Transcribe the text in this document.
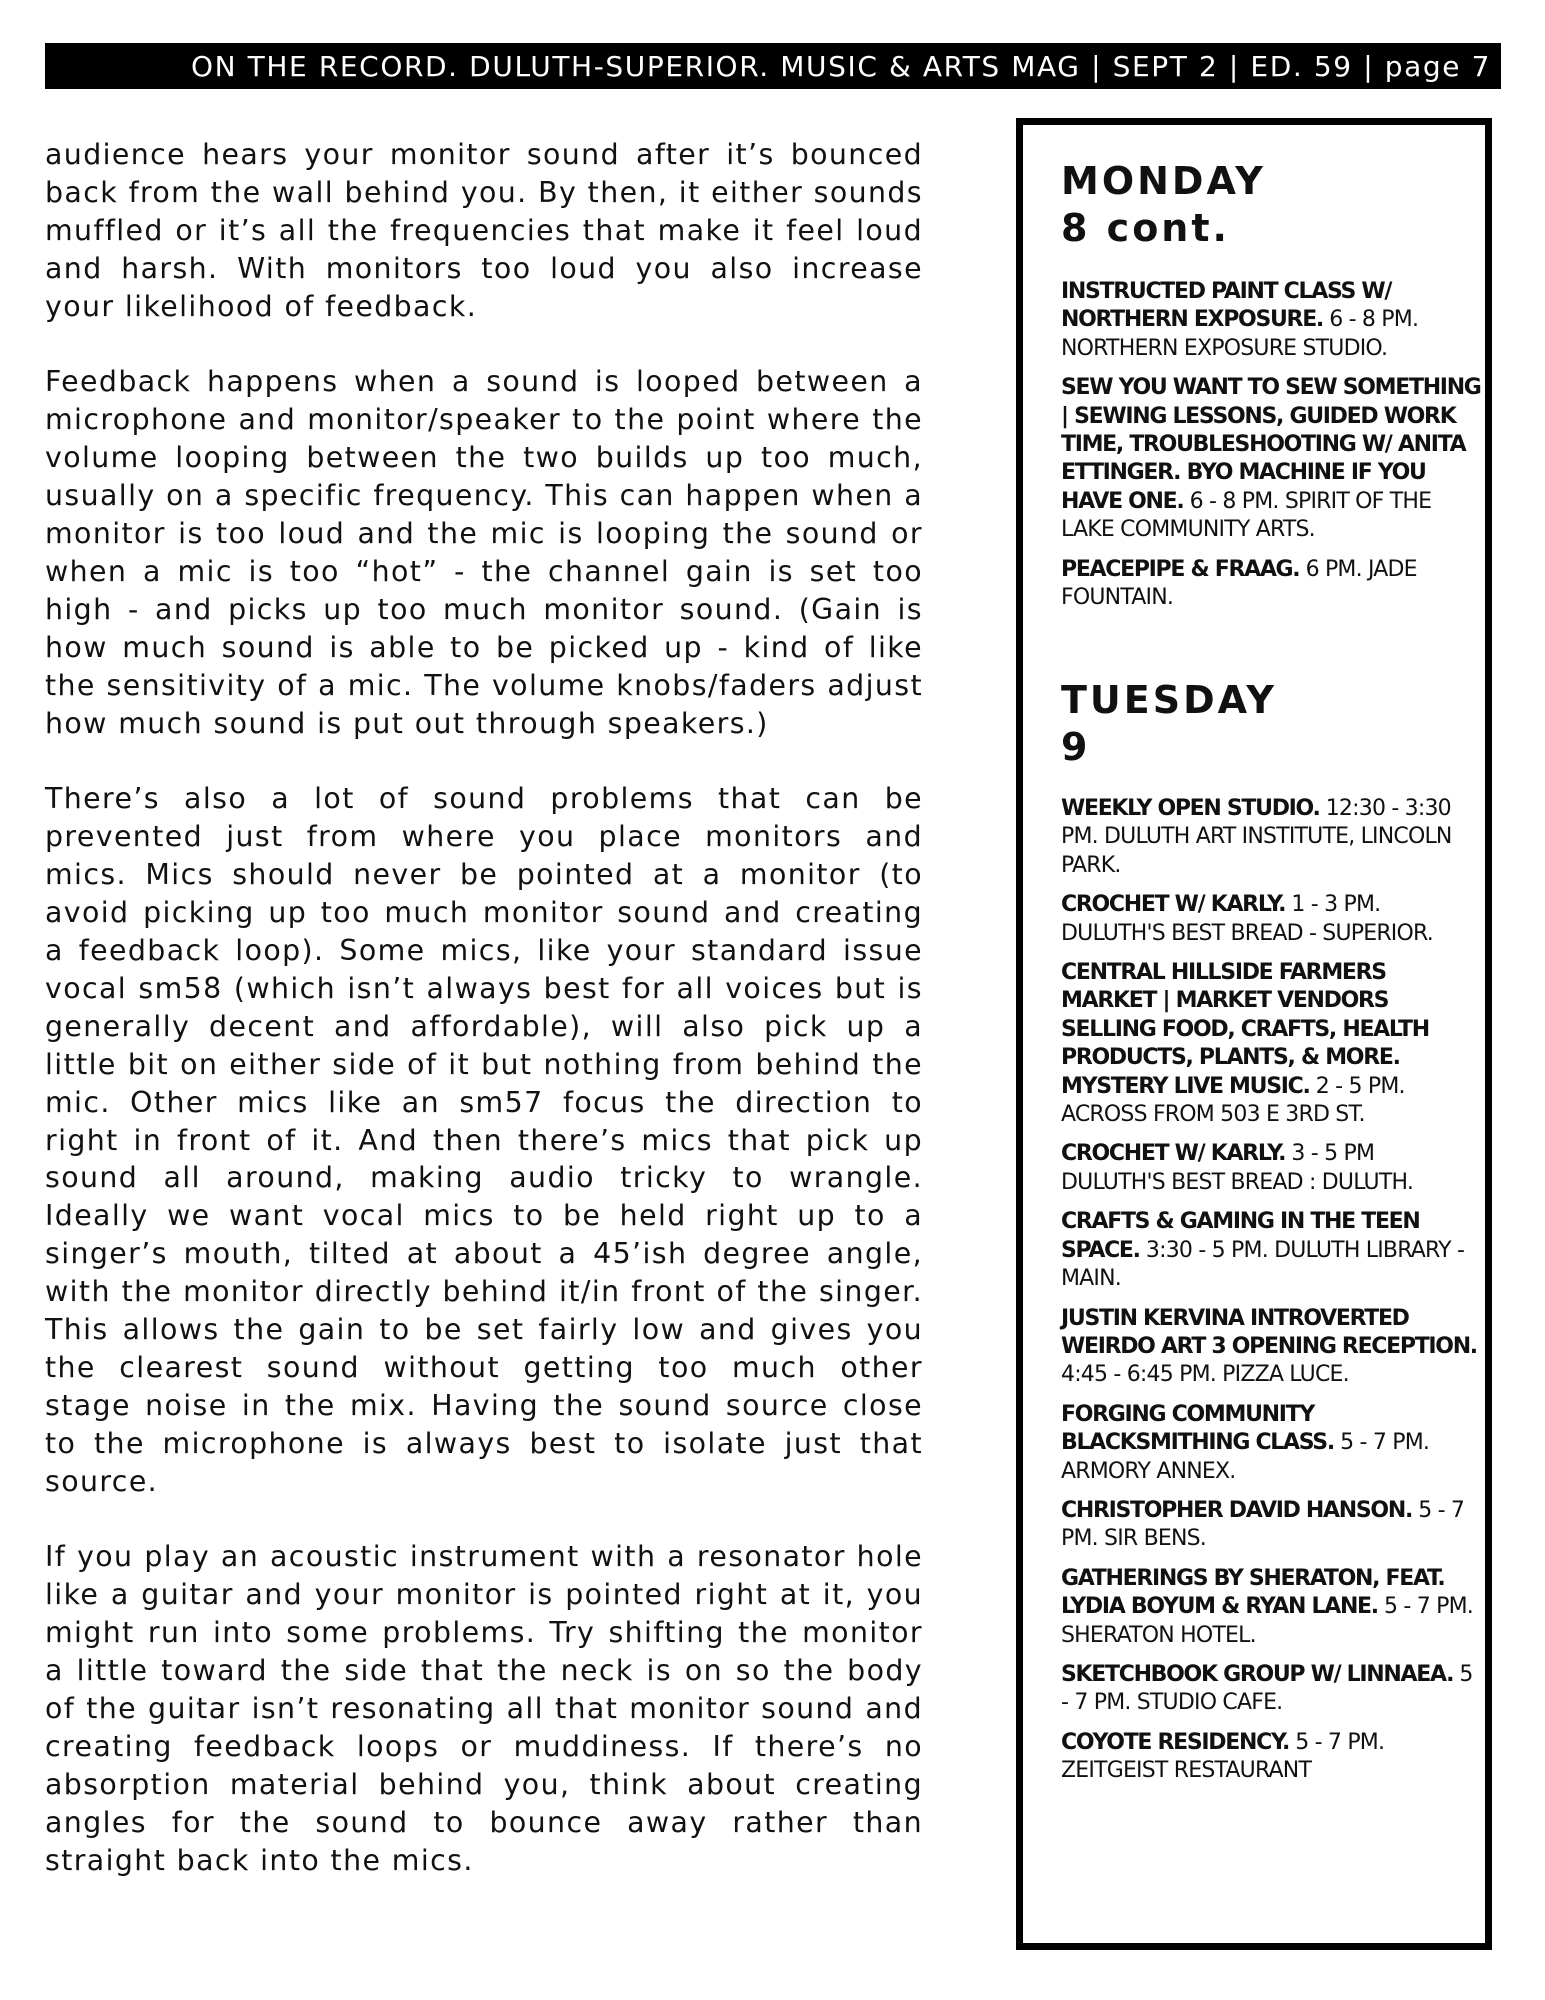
ON THE RECORD. DULUTH-SUPERIOR. MUSIC & ARTS MAG | SEPT 2 | ED. 59 | page 7

audience hears your monitor sound after it’s bounced back from the wall behind you. By then, it either sounds muffled or it’s all the frequencies that make it feel loud and harsh. With monitors too loud you also increase your likelihood of feedback.

Feedback happens when a sound is looped between a microphone and monitor/speaker to the point where the volume looping between the two builds up too much, usually on a specific frequency. This can happen when a monitor is too loud and the mic is looping the sound or when a mic is too “hot” - the channel gain is set too high - and picks up too much monitor sound. (Gain is how much sound is able to be picked up - kind of like the sensitivity of a mic. The volume knobs/faders adjust how much sound is put out through speakers.)

There’s also a lot of sound problems that can be prevented just from where you place monitors and mics. Mics should never be pointed at a monitor (to avoid picking up too much monitor sound and creating a feedback loop). Some mics, like your standard issue vocal sm58 (which isn’t always best for all voices but is generally decent and affordable), will also pick up a little bit on either side of it but nothing from behind the mic. Other mics like an sm57 focus the direction to right in front of it. And then there’s mics that pick up sound all around, making audio tricky to wrangle. Ideally we want vocal mics to be held right up to a singer’s mouth, tilted at about a 45’ish degree angle, with the monitor directly behind it/in front of the singer. This allows the gain to be set fairly low and gives you the clearest sound without getting too much other stage noise in the mix. Having the sound source close to the microphone is always best to isolate just that source.

If you play an acoustic instrument with a resonator hole like a guitar and your monitor is pointed right at it, you might run into some problems. Try shifting the monitor a little toward the side that the neck is on so the body of the guitar isn’t resonating all that monitor sound and creating feedback loops or muddiness. If there’s no absorption material behind you, think about creating angles for the sound to bounce away rather than straight back into the mics.

MONDAY
8 cont.
INSTRUCTED PAINT CLASS W/ NORTHERN EXPOSURE. 6 - 8 PM. NORTHERN EXPOSURE STUDIO.
SEW YOU WANT TO SEW SOMETHING | SEWING LESSONS, GUIDED WORK TIME, TROUBLESHOOTING W/ ANITA ETTINGER. BYO MACHINE IF YOU HAVE ONE. 6 - 8 PM. SPIRIT OF THE LAKE COMMUNITY ARTS.
PEACEPIPE & FRAAG. 6 PM. JADE FOUNTAIN.
TUESDAY
9
WEEKLY OPEN STUDIO. 12:30 - 3:30 PM. DULUTH ART INSTITUTE, LINCOLN PARK.
CROCHET W/ KARLY. 1 - 3 PM. DULUTH'S BEST BREAD - SUPERIOR.
CENTRAL HILLSIDE FARMERS MARKET | MARKET VENDORS SELLING FOOD, CRAFTS, HEALTH PRODUCTS, PLANTS, & MORE. MYSTERY LIVE MUSIC. 2 - 5 PM. ACROSS FROM 503 E 3RD ST.
CROCHET W/ KARLY. 3 - 5 PM DULUTH'S BEST BREAD : DULUTH.
CRAFTS & GAMING IN THE TEEN SPACE. 3:30 - 5 PM. DULUTH LIBRARY - MAIN.
JUSTIN KERVINA INTROVERTED WEIRDO ART 3 OPENING RECEPTION. 4:45 - 6:45 PM. PIZZA LUCE.
FORGING COMMUNITY BLACKSMITHING CLASS. 5 - 7 PM. ARMORY ANNEX.
CHRISTOPHER DAVID HANSON. 5 - 7 PM. SIR BENS.
GATHERINGS BY SHERATON, FEAT. LYDIA BOYUM & RYAN LANE. 5 - 7 PM. SHERATON HOTEL.
SKETCHBOOK GROUP W/ LINNAEA. 5 - 7 PM. STUDIO CAFE.
COYOTE RESIDENCY. 5 - 7 PM. ZEITGEIST RESTAURANT
